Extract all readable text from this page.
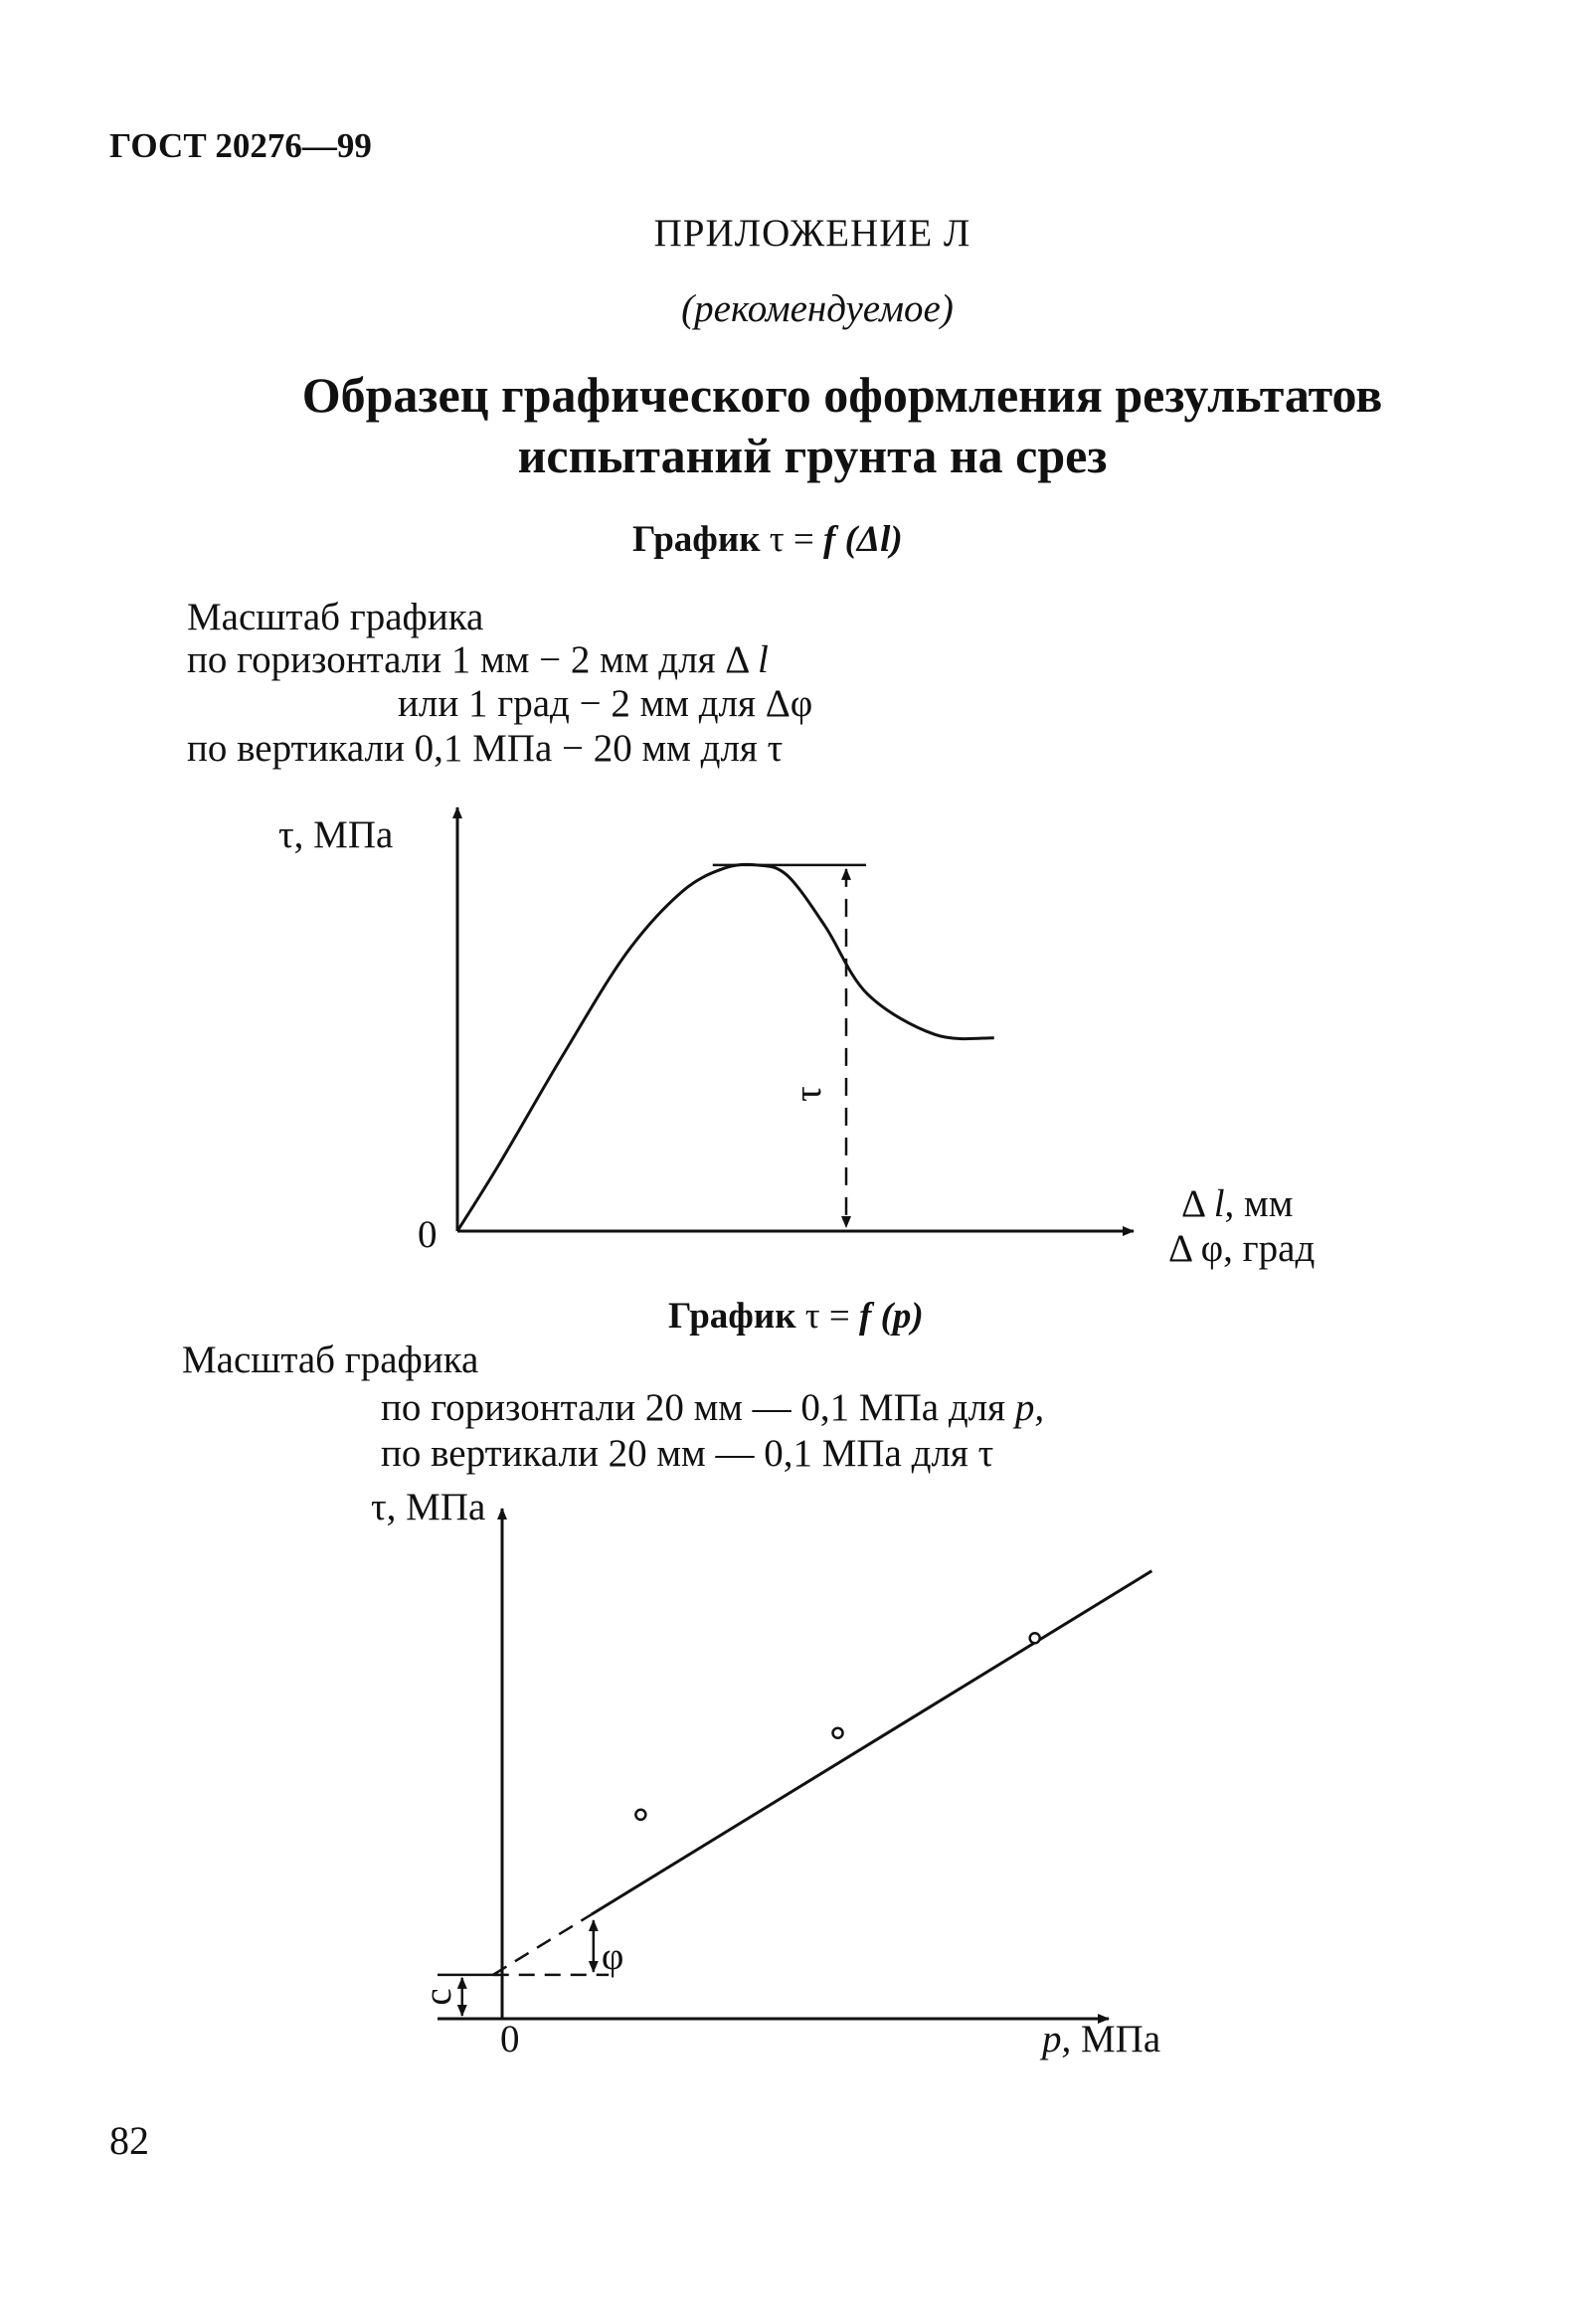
ГОСТ 20276—99
ПРИЛОЖЕНИЕ Л
(рекомендуемое)
Образец графического оформления результатов
испытаний грунта на срез
График τ = f (Δl)
Масштаб графика
по горизонтали 1 мм − 2 мм для Δ l
или 1 град − 2 мм для Δφ
по вертикали 0,1 МПа − 20 мм для τ
График τ = f (p)
Масштаб графика
по горизонтали 20 мм — 0,1 МПа для p,
по вертикали 20 мм — 0,1 МПа для τ
82
τ, МПа
0
Δ l, мм
Δ φ, град
τ
τ, МПа
0	p, МПа
φ
c
